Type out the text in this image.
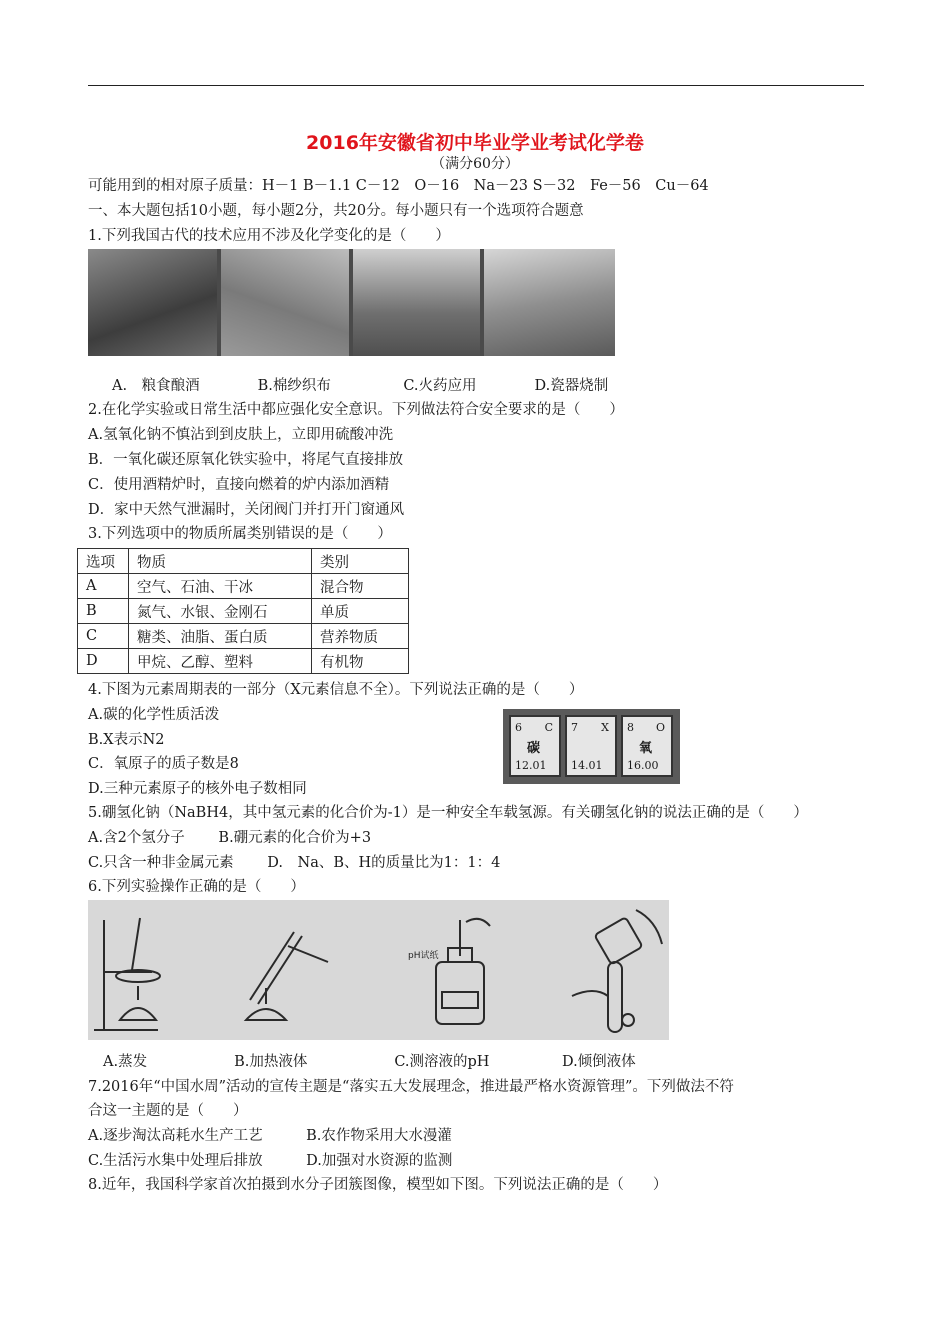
2016年安徽省初中毕业学业考试化学卷
（满分60分）
可能用到的相对原子质量：H－1 B－1.1 C－12　O－16　Na－23 S－32　Fe－56　Cu－64
一、本大题包括10小题，每小题2分，共20分。每小题只有一个选项符合题意
1.下列我国古代的技术应用不涉及化学变化的是（　　）
A.　粮食酿酒　　　　B.棉纱织布　　　　　C.火药应用　　　　D.瓷器烧制
2.在化学实验或日常生活中都应强化安全意识。下列做法符合安全要求的是（　　）
A.氢氧化钠不慎沾到到皮肤上，立即用硫酸冲洗
B．一氧化碳还原氧化铁实验中，将尾气直接排放
C．使用酒精炉时，直接向燃着的炉内添加酒精
D．家中天然气泄漏时，关闭阀门并打开门窗通风
3.下列选项中的物质所属类别错误的是（　　）
选项	物质	类别
A	空气、石油、干冰	混合物
B	氮气、水银、金刚石	单质
C	糖类、油脂、蛋白质	营养物质
D	甲烷、乙醇、塑料	有机物
4.下图为元素周期表的一部分（X元素信息不全）。下列说法正确的是（　　）
A.碳的化学性质活泼
B.X表示N2
C．氧原子的质子数是8
D.三种元素原子的核外电子数相同
6 C
碳
12.01
7 X
14.01
8 O
氧
16.00
5.硼氢化钠（NaBH4，其中氢元素的化合价为-1）是一种安全车载氢源。有关硼氢化钠的说法正确的是（　　）
A.含2个氢分子　　 B.硼元素的化合价为+3
C.只含一种非金属元素　　 D.　Na、B、H的质量比为1：1：4
6.下列实验操作正确的是（　　）
pH试纸
A.蒸发　　　　　　B.加热液体　　　　　　C.测溶液的pH　　　　　D.倾倒液体
7.2016年“中国水周”活动的宣传主题是“落实五大发展理念，推进最严格水资源管理”。下列做法不符
合这一主题的是（　　）
A.逐步淘汰高耗水生产工艺　　　B.农作物采用大水漫灌
C.生活污水集中处理后排放　　　D.加强对水资源的监测
8.近年，我国科学家首次拍摄到水分子团簇图像，模型如下图。下列说法正确的是（　　）
